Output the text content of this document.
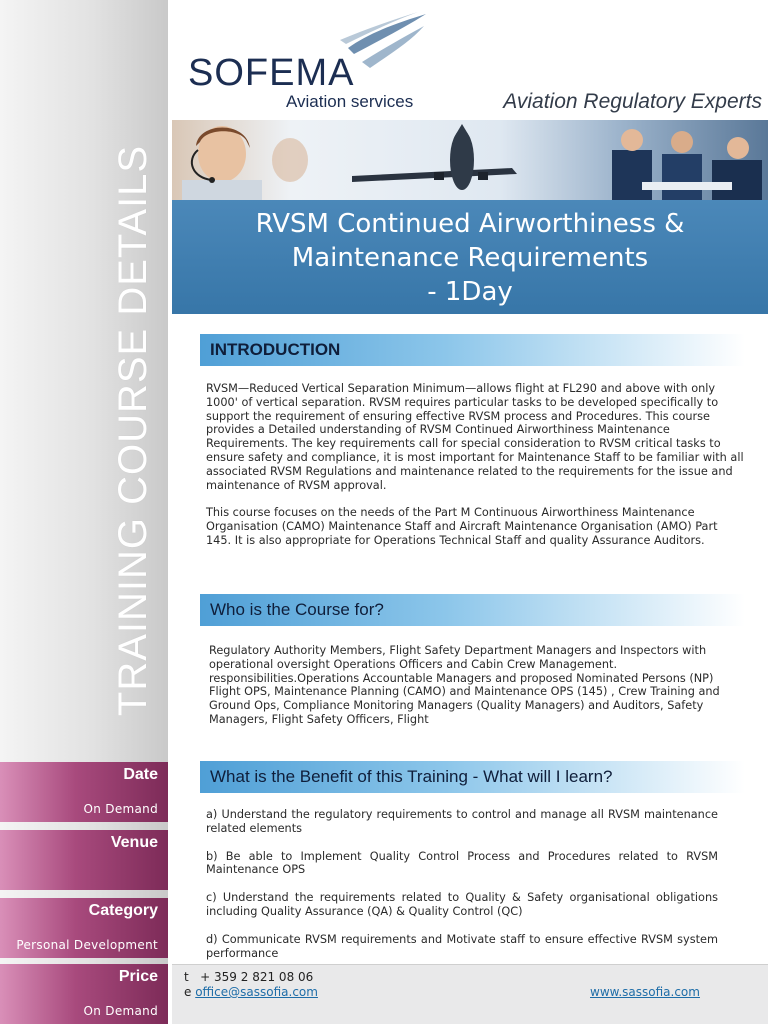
TRAINING COURSE DETAILS
Date
On Demand
Venue
Category
Personal Development
Price
On Demand
SOFEMA
Aviation services	Aviation Regulatory Experts
RVSM Continued Airworthiness &
Maintenance Requirements
- 1Day
INTRODUCTION

RVSM—Reduced Vertical Separation Minimum—allows flight at FL290 and above with only 1000' of vertical separation. RVSM requires particular tasks to be developed specifically to support the requirement of ensuring effective RVSM process and Procedures. This course provides a Detailed understanding of RVSM Continued Airworthiness Maintenance Requirements. The key requirements call for special consideration to RVSM critical tasks to ensure safety and compliance, it is most important for Maintenance Staff to be familiar with all associated RVSM Regulations and maintenance related to the requirements for the issue and maintenance of RVSM approval.

This course focuses on the needs of the Part M Continuous Airworthiness Maintenance Organisation (CAMO) Maintenance Staff and Aircraft Maintenance Organisation (AMO) Part 145. It is also appropriate for Operations Technical Staff and quality Assurance Auditors.

Who is the Course for?
Regulatory Authority Members, Flight Safety Department Managers and Inspectors with operational oversight Operations Officers and Cabin Crew Management. responsibilities.Operations Accountable Managers and proposed Nominated Persons (NP) Flight OPS, Maintenance Planning (CAMO) and Maintenance OPS (145) , Crew Training and Ground Ops, Compliance Monitoring Managers (Quality Managers) and Auditors, Safety Managers, Flight Safety Officers, Flight
What is the Benefit of this Training - What will I learn?

a) Understand the regulatory requirements to control and manage all RVSM maintenance related elements

b) Be able to Implement Quality Control Process and Procedures related to RVSM Maintenance OPS

c) Understand the requirements related to Quality & Safety organisational obligations including Quality Assurance (QA) & Quality Control (QC)

d) Communicate RVSM requirements and Motivate staff to ensure effective RVSM system performance

t + 359 2 821 08 06
e office@sassofia.com	www.sassofia.com
